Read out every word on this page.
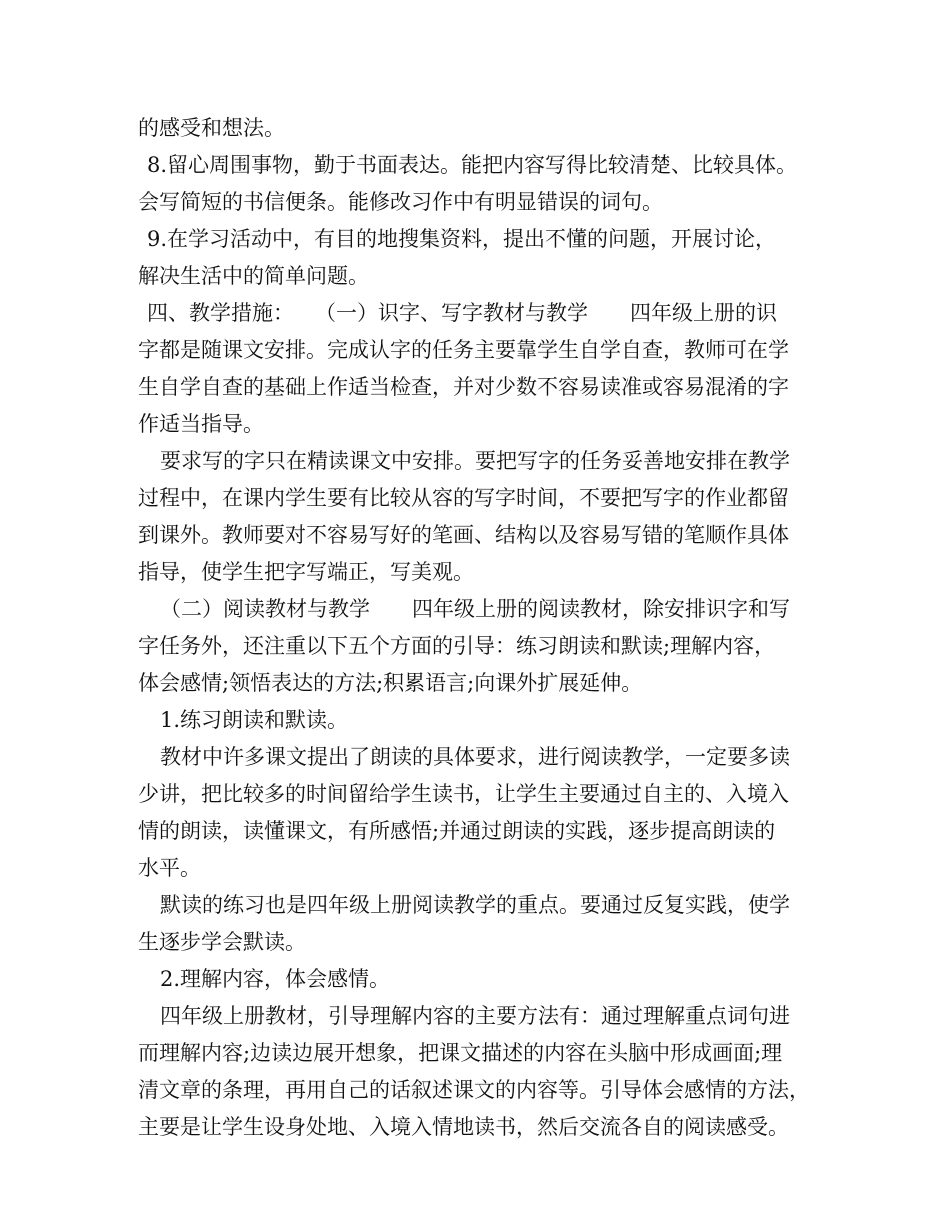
的感受和想法。
8.留心周围事物，勤于书面表达。能把内容写得比较清楚、比较具体。
会写简短的书信便条。能修改习作中有明显错误的词句。
9.在学习活动中，有目的地搜集资料，提出不懂的问题，开展讨论，
解决生活中的简单问题。
四、教学措施：　　（一）识字、写字教材与教学　　四年级上册的识
字都是随课文安排。完成认字的任务主要靠学生自学自查，教师可在学
生自学自查的基础上作适当检查，并对少数不容易读准或容易混淆的字
作适当指导。
要求写的字只在精读课文中安排。要把写字的任务妥善地安排在教学
过程中，在课内学生要有比较从容的写字时间，不要把写字的作业都留
到课外。教师要对不容易写好的笔画、结构以及容易写错的笔顺作具体
指导，使学生把字写端正，写美观。
（二）阅读教材与教学　　四年级上册的阅读教材，除安排识字和写
字任务外，还注重以下五个方面的引导：练习朗读和默读;理解内容，
体会感情;领悟表达的方法;积累语言;向课外扩展延伸。
1.练习朗读和默读。
教材中许多课文提出了朗读的具体要求，进行阅读教学，一定要多读
少讲，把比较多的时间留给学生读书，让学生主要通过自主的、入境入
情的朗读，读懂课文，有所感悟;并通过朗读的实践，逐步提高朗读的
水平。
默读的练习也是四年级上册阅读教学的重点。要通过反复实践，使学
生逐步学会默读。
2.理解内容，体会感情。
四年级上册教材，引导理解内容的主要方法有：通过理解重点词句进
而理解内容;边读边展开想象，把课文描述的内容在头脑中形成画面;理
清文章的条理，再用自己的话叙述课文的内容等。引导体会感情的方法，
主要是让学生设身处地、入境入情地读书，然后交流各自的阅读感受。
